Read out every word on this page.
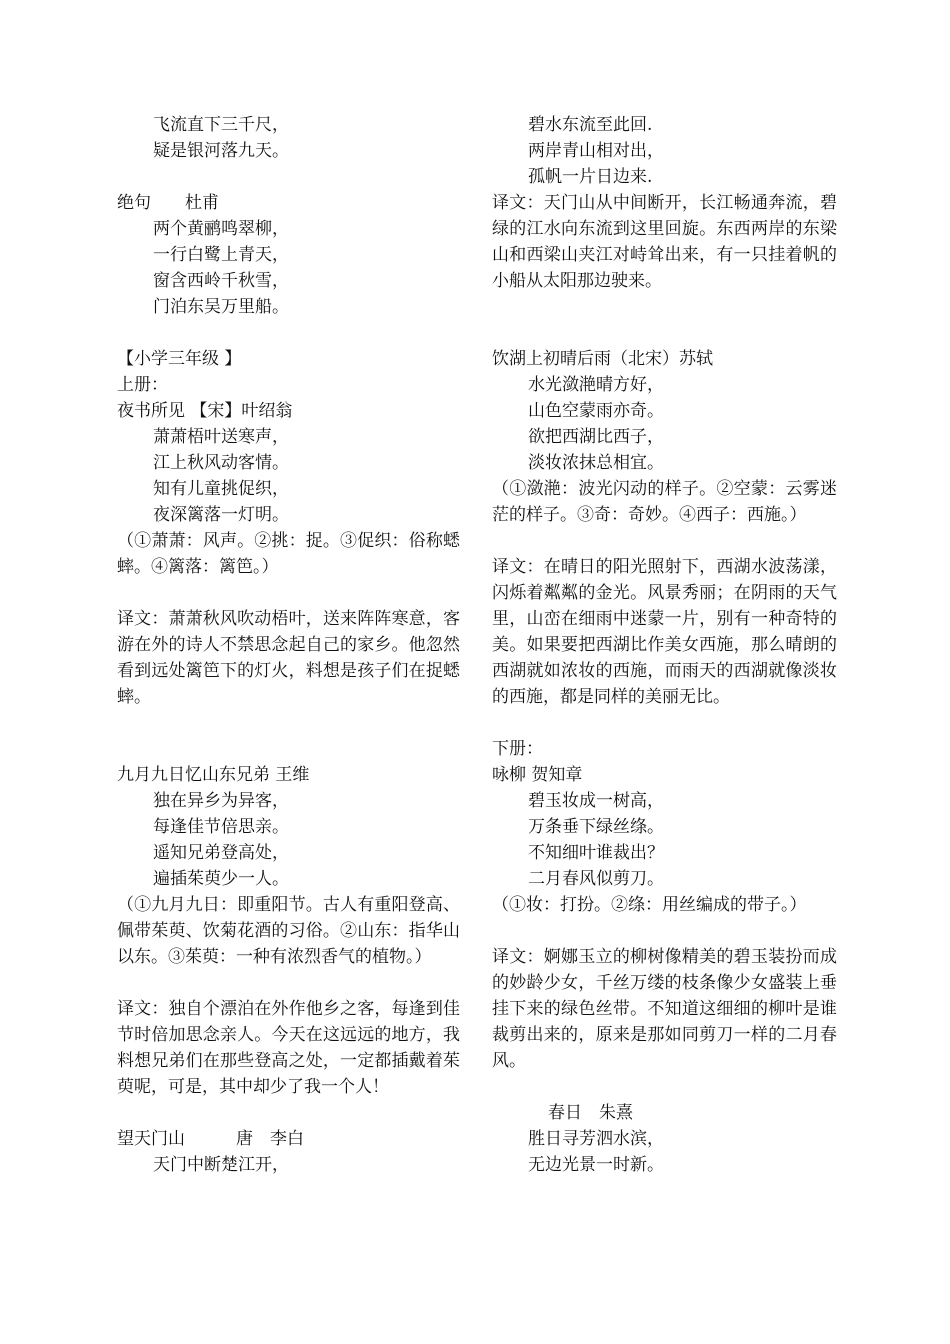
飞流直下三千尺，
疑是银河落九天。
绝句　　杜甫
两个黄鹂鸣翠柳，
一行白鹭上青天，
窗含西岭千秋雪，
门泊东吴万里船。
【小学三年级 】
上册：
夜书所见 【宋】叶绍翁
萧萧梧叶送寒声，
江上秋风动客情。
知有儿童挑促织，
夜深篱落一灯明。
（①萧萧：风声。②挑：捉。③促织：俗称蟋蟀。④篱落：篱笆。）
译文：萧萧秋风吹动梧叶，送来阵阵寒意，客游在外的诗人不禁思念起自己的家乡。他忽然看到远处篱笆下的灯火，料想是孩子们在捉蟋蟀。
九月九日忆山东兄弟 王维
独在异乡为异客，
每逢佳节倍思亲。
遥知兄弟登高处，
遍插茱萸少一人。
（①九月九日：即重阳节。古人有重阳登高、佩带茱萸、饮菊花酒的习俗。②山东：指华山以东。③茱萸：一种有浓烈香气的植物。）
译文：独自个漂泊在外作他乡之客，每逢到佳节时倍加思念亲人。今天在这远远的地方，我料想兄弟们在那些登高之处，一定都插戴着茱萸呢，可是，其中却少了我一个人！
望天门山　　　唐　李白
天门中断楚江开，
碧水东流至此回.
两岸青山相对出，
孤帆一片日边来.
译文：天门山从中间断开，长江畅通奔流，碧绿的江水向东流到这里回旋。东西两岸的东梁山和西梁山夹江对峙耸出来，有一只挂着帆的小船从太阳那边驶来。
饮湖上初晴后雨（北宋）苏轼
水光潋滟晴方好，
山色空蒙雨亦奇。
欲把西湖比西子，
淡妆浓抹总相宜。
（①潋滟：波光闪动的样子。②空蒙：云雾迷茫的样子。③奇：奇妙。④西子：西施。）
译文：在晴日的阳光照射下，西湖水波荡漾，闪烁着粼粼的金光。风景秀丽；在阴雨的天气里，山峦在细雨中迷蒙一片，别有一种奇特的美。如果要把西湖比作美女西施，那么晴朗的西湖就如浓妆的西施，而雨天的西湖就像淡妆的西施，都是同样的美丽无比。
下册：
咏柳 贺知章
碧玉妆成一树高，
万条垂下绿丝绦。
不知细叶谁裁出？
二月春风似剪刀。
（①妆：打扮。②绦：用丝编成的带子。）
译文：婀娜玉立的柳树像精美的碧玉装扮而成的妙龄少女，千丝万缕的枝条像少女盛装上垂挂下来的绿色丝带。不知道这细细的柳叶是谁裁剪出来的，原来是那如同剪刀一样的二月春风。
春日　朱熹
胜日寻芳泗水滨，
无边光景一时新。
